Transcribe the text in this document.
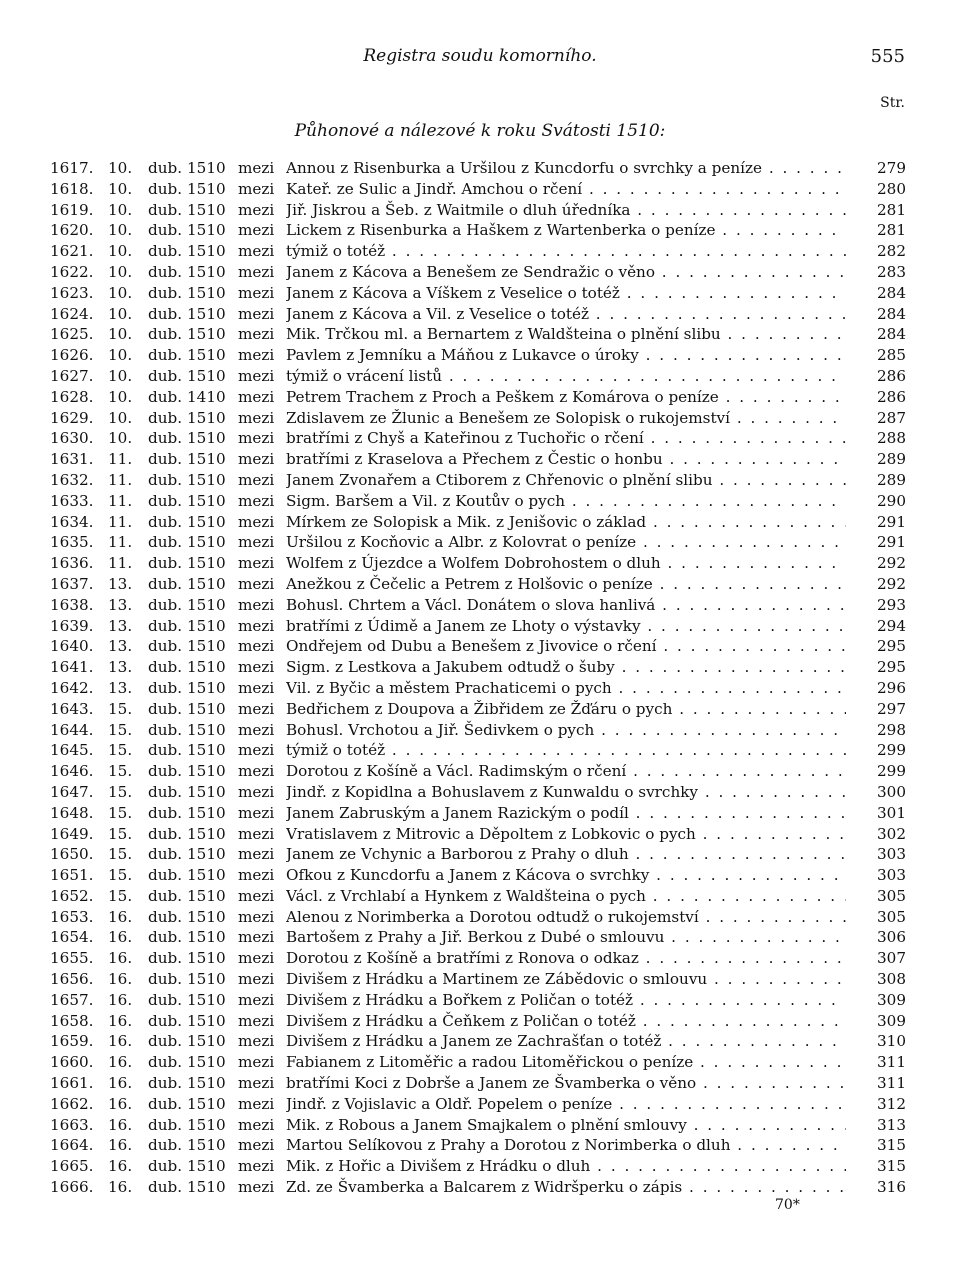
Registra soudu komorního.	555
Str.
Půhonové a nálezové k roku Svátosti 1510:
1617. 10. dub. 1510 mezi Annou z Risenburka a Uršilou z Kuncdorfu o svrchky a peníze . . .	279
1618. 10. dub. 1510 mezi Kateř. ze Sulic a Jindř. Amchou o rčení . . .	280
1619. 10. dub. 1510 mezi Jiř. Jiskrou a Šeb. z Waitmile o dluh úředníka . . .	281
1620. 10. dub. 1510 mezi Lickem z Risenburka a Haškem z Wartenberka o peníze . . .	281
1621. 10. dub. 1510 mezi týmiž o totéž . . .	282
1622. 10. dub. 1510 mezi Janem z Kácova a Benešem ze Sendražic o věno . . .	283
1623. 10. dub. 1510 mezi Janem z Kácova a Víškem z Veselice o totéž . . .	284
1624. 10. dub. 1510 mezi Janem z Kácova a Vil. z Veselice o totéž . . .	284
1625. 10. dub. 1510 mezi Mik. Trčkou ml. a Bernartem z Waldšteina o plnění slibu . . .	284
1626. 10. dub. 1510 mezi Pavlem z Jemníku a Máňou z Lukavce o úroky . . .	285
1627. 10. dub. 1510 mezi týmiž o vrácení listů . . .	286
1628. 10. dub. 1410 mezi Petrem Trachem z Proch a Peškem z Komárova o peníze . . .	286
1629. 10. dub. 1510 mezi Zdislavem ze Žlunic a Benešem ze Solopisk o rukojemství . . .	287
1630. 10. dub. 1510 mezi bratřími z Chyš a Kateřinou z Tuchořic o rčení . . .	288
1631. 11. dub. 1510 mezi bratřími z Kraselova a Přechem z Čestic o honbu . . .	289
1632. 11. dub. 1510 mezi Janem Zvonařem a Ctiborem z Chřenovic o plnění slibu . . .	289
1633. 11. dub. 1510 mezi Sigm. Baršem a Vil. z Koutův o pych . . .	290
1634. 11. dub. 1510 mezi Mírkem ze Solopisk a Mik. z Jenišovic o základ . . .	291
1635. 11. dub. 1510 mezi Uršilou z Kocňovic a Albr. z Kolovrat o peníze . . .	291
1636. 11. dub. 1510 mezi Wolfem z Újezdce a Wolfem Dobrohostem o dluh . . .	292
1637. 13. dub. 1510 mezi Anežkou z Čečelic a Petrem z Holšovic o peníze . . .	292
1638. 13. dub. 1510 mezi Bohusl. Chrtem a Václ. Donátem o slova hanlivá . . .	293
1639. 13. dub. 1510 mezi bratřími z Údimě a Janem ze Lhoty o výstavky . . .	294
1640. 13. dub. 1510 mezi Ondřejem od Dubu a Benešem z Jivovice o rčení . . .	295
1641. 13. dub. 1510 mezi Sigm. z Lestkova a Jakubem odtudž o šuby . . .	295
1642. 13. dub. 1510 mezi Vil. z Byčic a městem Prachaticemi o pych . . .	296
1643. 15. dub. 1510 mezi Bedřichem z Doupova a Žibřidem ze Žďáru o pych . . .	297
1644. 15. dub. 1510 mezi Bohusl. Vrchotou a Jiř. Šedivkem o pych . . .	298
1645. 15. dub. 1510 mezi týmiž o totéž . . .	299
1646. 15. dub. 1510 mezi Dorotou z Košíně a Václ. Radimským o rčení . . .	299
1647. 15. dub. 1510 mezi Jindř. z Kopidlna a Bohuslavem z Kunwaldu o svrchky . . .	300
1648. 15. dub. 1510 mezi Janem Zabruským a Janem Razickým o podíl . . .	301
1649. 15. dub. 1510 mezi Vratislavem z Mitrovic a Děpoltem z Lobkovic o pych . . .	302
1650. 15. dub. 1510 mezi Janem ze Vchynic a Barborou z Prahy o dluh . . .	303
1651. 15. dub. 1510 mezi Ofkou z Kuncdorfu a Janem z Kácova o svrchky . . .	303
1652. 15. dub. 1510 mezi Václ. z Vrchlabí a Hynkem z Waldšteina o pych . . .	305
1653. 16. dub. 1510 mezi Alenou z Norimberka a Dorotou odtudž o rukojemství . . .	305
1654. 16. dub. 1510 mezi Bartošem z Prahy a Jiř. Berkou z Dubé o smlouvu . . .	306
1655. 16. dub. 1510 mezi Dorotou z Košíně a bratřími z Ronova o odkaz . . .	307
1656. 16. dub. 1510 mezi Divišem z Hrádku a Martinem ze Zábědovic o smlouvu . . .	308
1657. 16. dub. 1510 mezi Divišem z Hrádku a Bořkem z Poličan o totéž . . .	309
1658. 16. dub. 1510 mezi Divišem z Hrádku a Čeňkem z Poličan o totéž . . .	309
1659. 16. dub. 1510 mezi Divišem z Hrádku a Janem ze Zachrašťan o totéž . . .	310
1660. 16. dub. 1510 mezi Fabianem z Litoměřic a radou Litoměřickou o peníze . . .	311
1661. 16. dub. 1510 mezi bratřími Koci z Dobrše a Janem ze Švamberka o věno . . .	311
1662. 16. dub. 1510 mezi Jindř. z Vojislavic a Oldř. Popelem o peníze . . .	312
1663. 16. dub. 1510 mezi Mik. z Robous a Janem Smajkalem o plnění smlouvy . . .	313
1664. 16. dub. 1510 mezi Martou Selíkovou z Prahy a Dorotou z Norimberka o dluh . . .	315
1665. 16. dub. 1510 mezi Mik. z Hořic a Divišem z Hrádku o dluh . . .	315
1666. 16. dub. 1510 mezi Zd. ze Švamberka a Balcarem z Widršperku o zápis . . .	316
70*
